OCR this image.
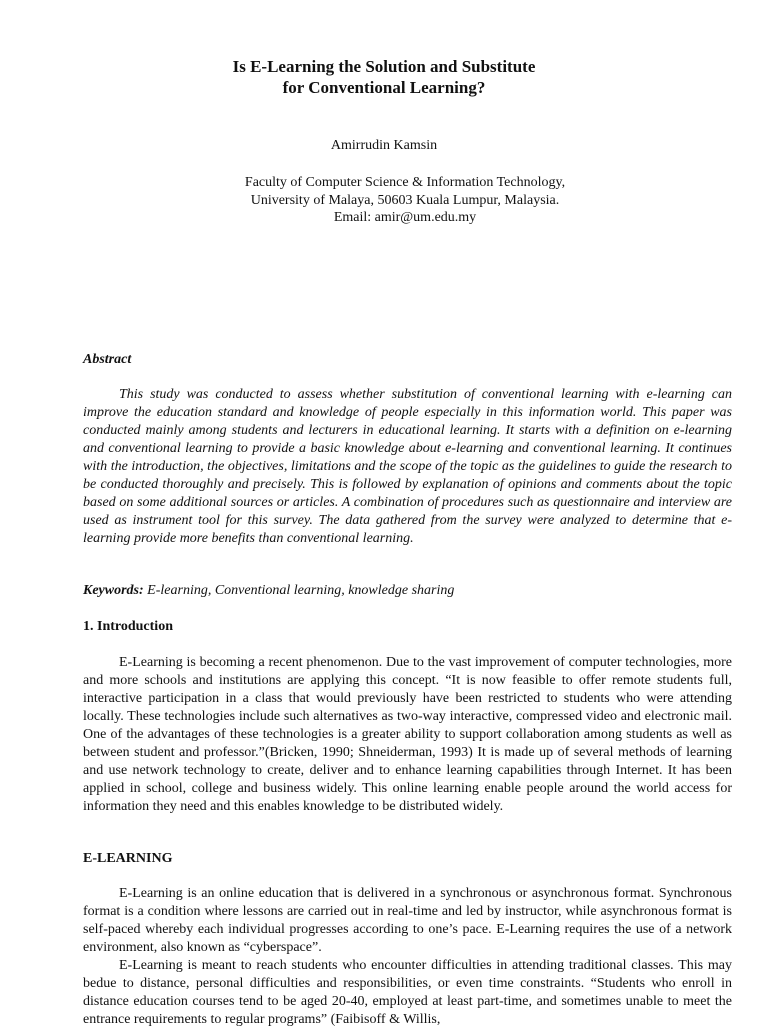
Is E-Learning the Solution and Substitute
for Conventional Learning?
Amirrudin Kamsin
Faculty of Computer Science & Information Technology,
University of Malaya, 50603 Kuala Lumpur, Malaysia.
Email: amir@um.edu.my
Abstract

This study was conducted to assess whether substitution of conventional learning with e-learning can improve the education standard and knowledge of people especially in this information world. This paper was conducted mainly among students and lecturers in educational learning. It starts with a definition on e-learning and conventional learning to provide a basic knowledge about e-learning and conventional learning. It continues with the introduction, the objectives, limitations and the scope of the topic as the guidelines to guide the research to be conducted thoroughly and precisely. This is followed by explanation of opinions and comments about the topic based on some additional sources or articles. A combination of procedures such as questionnaire and interview are used as instrument tool for this survey. The data gathered from the survey were analyzed to determine that e-learning provide more benefits than conventional learning.

Keywords: E-learning, Conventional learning, knowledge sharing
1. Introduction

E-Learning is becoming a recent phenomenon. Due to the vast improvement of computer technologies, more and more schools and institutions are applying this concept. “It is now feasible to offer remote students full, interactive participation in a class that would previously have been restricted to students who were attending locally. These technologies include such alternatives as two-way interactive, compressed video and electronic mail. One of the advantages of these technologies is a greater ability to support collaboration among students as well as between student and professor.”(Bricken, 1990; Shneiderman, 1993) It is made up of several methods of learning and use network technology to create, deliver and to enhance learning capabilities through Internet. It has been applied in school, college and business widely. This online learning enable people around the world access for information they need and this enables knowledge to be distributed widely.

E-LEARNING

E-Learning is an online education that is delivered in a synchronous or asynchronous format. Synchronous format is a condition where lessons are carried out in real-time and led by instructor, while asynchronous format is self-paced whereby each individual progresses according to one’s pace. E-Learning requires the use of a network environment, also known as “cyberspace”.

E-Learning is meant to reach students who encounter difficulties in attending traditional classes. This may bedue to distance, personal difficulties and responsibilities, or even time constraints. “Students who enroll in distance education courses tend to be aged 20-40, employed at least part-time, and sometimes unable to meet the entrance requirements to regular programs” (Faibisoff & Willis,
